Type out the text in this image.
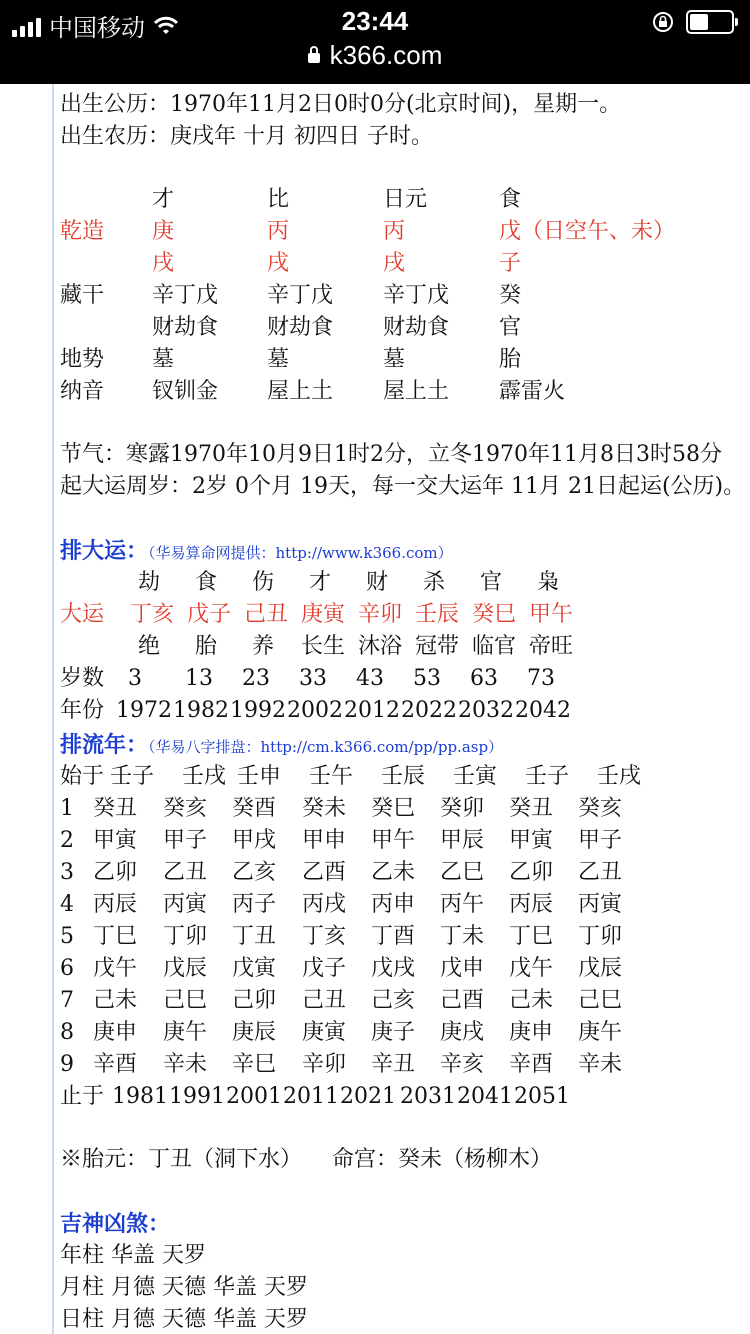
中国移动	23:44
k366.com
出生公历：1970年11月2日0时0分(北京时间)，星期一。
出生农历：庚戌年 十月 初四日 子时。
才	比	日元	食
乾造 庚	丙	丙	戊（日空午、未）
戌	戌	戌	子
藏干 辛丁戊 辛丁戊 辛丁戊 癸
财劫食 财劫食 财劫食 官
地势 墓	墓	墓	胎
纳音 钗钏金 屋上土 屋上土 霹雷火
节气：寒露1970年10月9日1时2分，立冬1970年11月8日3时58分
起大运周岁：2岁 0个月 19天，每一交大运年 11月 21日起运(公历)。
排大运：（华易算命网提供：http://www.k366.com）
劫 食 伤 才 财 杀 官 枭
大运 丁亥 戊子 己丑 庚寅 辛卯 壬辰 癸巳 甲午
绝 胎 养 长生 沐浴 冠带 临官 帝旺
岁数 3 13 23 33 43 53 63 73
年份 1972 1982 1992 2002 2012 2022 2032 2042
排流年：（华易八字排盘：http://cm.k366.com/pp/pp.asp）
始于 壬子 壬戌 壬申 壬午 壬辰 壬寅 壬子 壬戌
1 癸丑 癸亥 癸酉 癸未 癸巳 癸卯 癸丑 癸亥
2 甲寅 甲子 甲戌 甲申 甲午 甲辰 甲寅 甲子
3 乙卯 乙丑 乙亥 乙酉 乙未 乙巳 乙卯 乙丑
4 丙辰 丙寅 丙子 丙戌 丙申 丙午 丙辰 丙寅
5 丁巳 丁卯 丁丑 丁亥 丁酉 丁未 丁巳 丁卯
6 戊午 戊辰 戊寅 戊子 戊戌 戊申 戊午 戊辰
7 己未 己巳 己卯 己丑 己亥 己酉 己未 己巳
8 庚申 庚午 庚辰 庚寅 庚子 庚戌 庚申 庚午
9 辛酉 辛未 辛巳 辛卯 辛丑 辛亥 辛酉 辛未
止于 1981 1991 2001 2011 2021 2031 2041 2051
※胎元：丁丑（洞下水） 命宫：癸未（杨柳木）
吉神凶煞：
年柱 华盖 天罗
月柱 月德 天德 华盖 天罗
日柱 月德 天德 华盖 天罗
